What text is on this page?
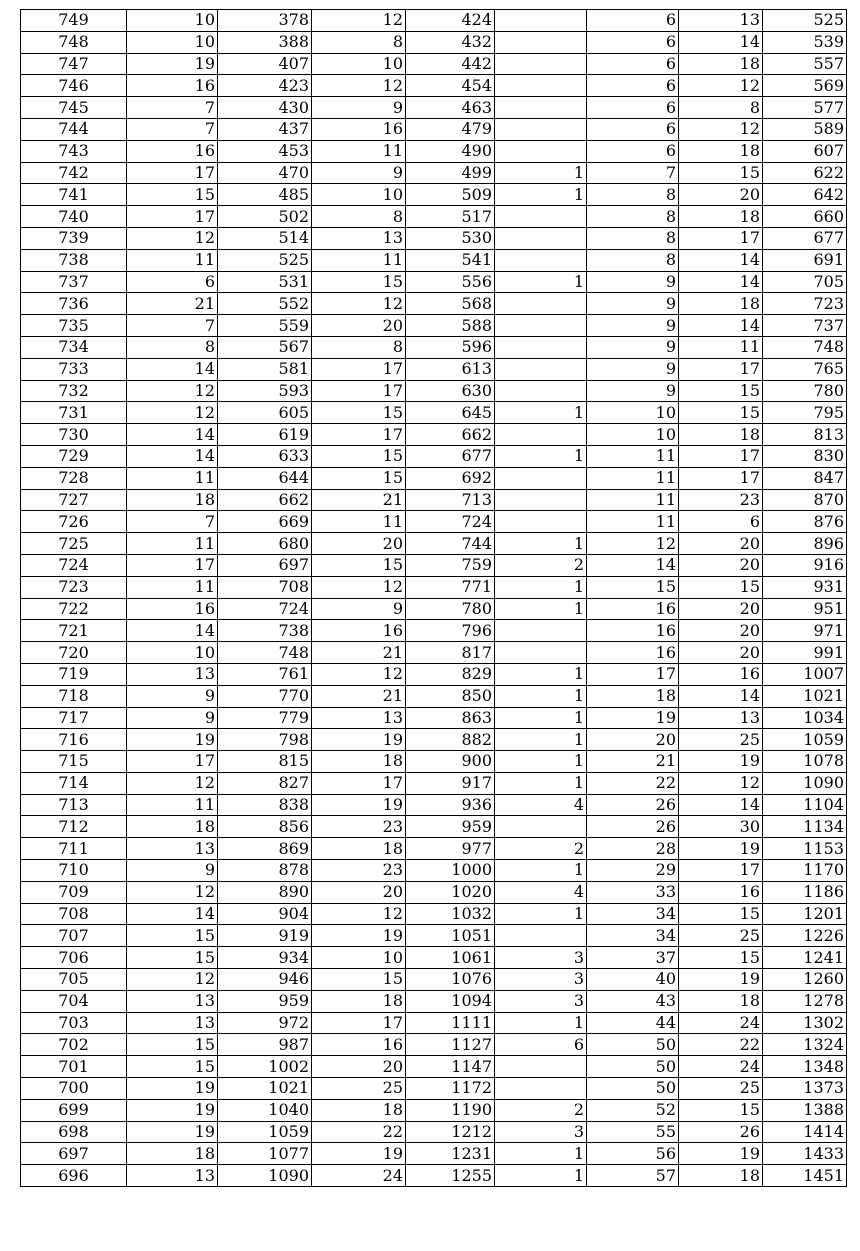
749	10	378	12	424		6	13	525
748	10	388	8	432		6	14	539
747	19	407	10	442		6	18	557
746	16	423	12	454		6	12	569
745	7	430	9	463		6	8	577
744	7	437	16	479		6	12	589
743	16	453	11	490		6	18	607
742	17	470	9	499	1	7	15	622
741	15	485	10	509	1	8	20	642
740	17	502	8	517		8	18	660
739	12	514	13	530		8	17	677
738	11	525	11	541		8	14	691
737	6	531	15	556	1	9	14	705
736	21	552	12	568		9	18	723
735	7	559	20	588		9	14	737
734	8	567	8	596		9	11	748
733	14	581	17	613		9	17	765
732	12	593	17	630		9	15	780
731	12	605	15	645	1	10	15	795
730	14	619	17	662		10	18	813
729	14	633	15	677	1	11	17	830
728	11	644	15	692		11	17	847
727	18	662	21	713		11	23	870
726	7	669	11	724		11	6	876
725	11	680	20	744	1	12	20	896
724	17	697	15	759	2	14	20	916
723	11	708	12	771	1	15	15	931
722	16	724	9	780	1	16	20	951
721	14	738	16	796		16	20	971
720	10	748	21	817		16	20	991
719	13	761	12	829	1	17	16	1007
718	9	770	21	850	1	18	14	1021
717	9	779	13	863	1	19	13	1034
716	19	798	19	882	1	20	25	1059
715	17	815	18	900	1	21	19	1078
714	12	827	17	917	1	22	12	1090
713	11	838	19	936	4	26	14	1104
712	18	856	23	959		26	30	1134
711	13	869	18	977	2	28	19	1153
710	9	878	23	1000	1	29	17	1170
709	12	890	20	1020	4	33	16	1186
708	14	904	12	1032	1	34	15	1201
707	15	919	19	1051		34	25	1226
706	15	934	10	1061	3	37	15	1241
705	12	946	15	1076	3	40	19	1260
704	13	959	18	1094	3	43	18	1278
703	13	972	17	1111	1	44	24	1302
702	15	987	16	1127	6	50	22	1324
701	15	1002	20	1147		50	24	1348
700	19	1021	25	1172		50	25	1373
699	19	1040	18	1190	2	52	15	1388
698	19	1059	22	1212	3	55	26	1414
697	18	1077	19	1231	1	56	19	1433
696	13	1090	24	1255	1	57	18	1451
